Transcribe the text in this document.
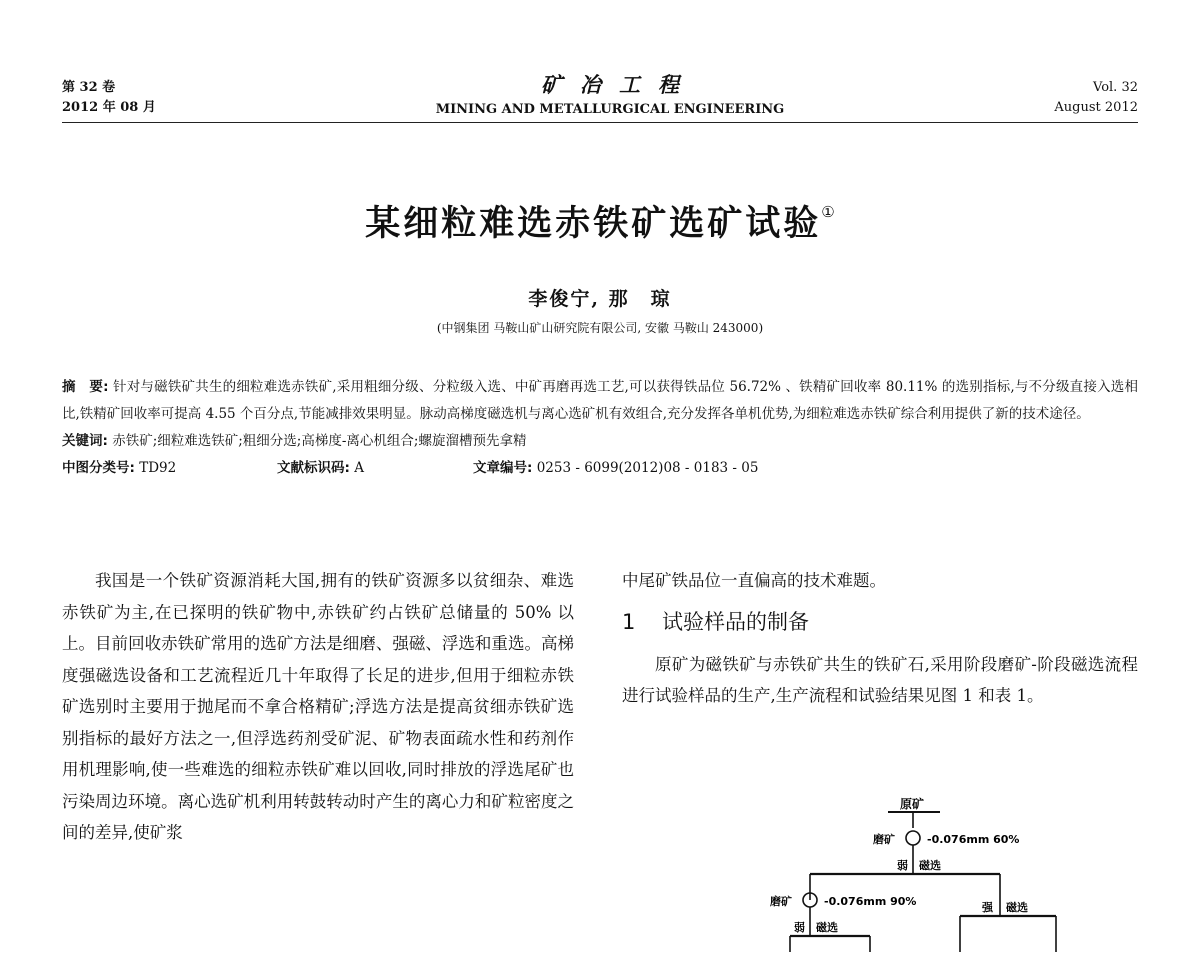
第 32 卷
2012 年 08 月
矿冶工程
MINING AND METALLURGICAL ENGINEERING
Vol. 32
August 2012
某细粒难选赤铁矿选矿试验①
李俊宁, 那　琼
(中钢集团 马鞍山矿山研究院有限公司, 安徽 马鞍山 243000)

摘　要: 针对与磁铁矿共生的细粒难选赤铁矿,采用粗细分级、分粒级入选、中矿再磨再选工艺,可以获得铁品位 56.72% 、铁精矿回收率 80.11% 的选别指标,与不分级直接入选相比,铁精矿回收率可提高 4.55 个百分点,节能减排效果明显。脉动高梯度磁选机与离心选矿机有效组合,充分发挥各单机优势,为细粒难选赤铁矿综合利用提供了新的技术途径。

关键词: 赤铁矿;细粒难选铁矿;粗细分选;高梯度-离心机组合;螺旋溜槽预先拿精

中图分类号: TD92	文献标识码: A	文章编号: 0253 - 6099(2012)08 - 0183 - 05

我国是一个铁矿资源消耗大国,拥有的铁矿资源多以贫细杂、难选赤铁矿为主,在已探明的铁矿物中,赤铁矿约占铁矿总储量的 50% 以上。目前回收赤铁矿常用的选矿方法是细磨、强磁、浮选和重选。高梯度强磁选设备和工艺流程近几十年取得了长足的进步,但用于细粒赤铁矿选别时主要用于抛尾而不拿合格精矿;浮选方法是提高贫细赤铁矿选别指标的最好方法之一,但浮选药剂受矿泥、矿物表面疏水性和药剂作用机理影响,使一些难选的细粒赤铁矿难以回收,同时排放的浮选尾矿也污染周边环境。离心选矿机利用转鼓转动时产生的离心力和矿粒密度之间的差异,使矿浆

中尾矿铁品位一直偏高的技术难题。

1 试验样品的制备

原矿为磁铁矿与赤铁矿共生的铁矿石,采用阶段磨矿-阶段磁选流程进行试验样品的生产,生产流程和试验结果见图 1 和表 1。

原矿
磨矿	-0.076mm 60%
弱 磁选
磨矿	-0.076mm 90%
弱 磁选
强 磁选
